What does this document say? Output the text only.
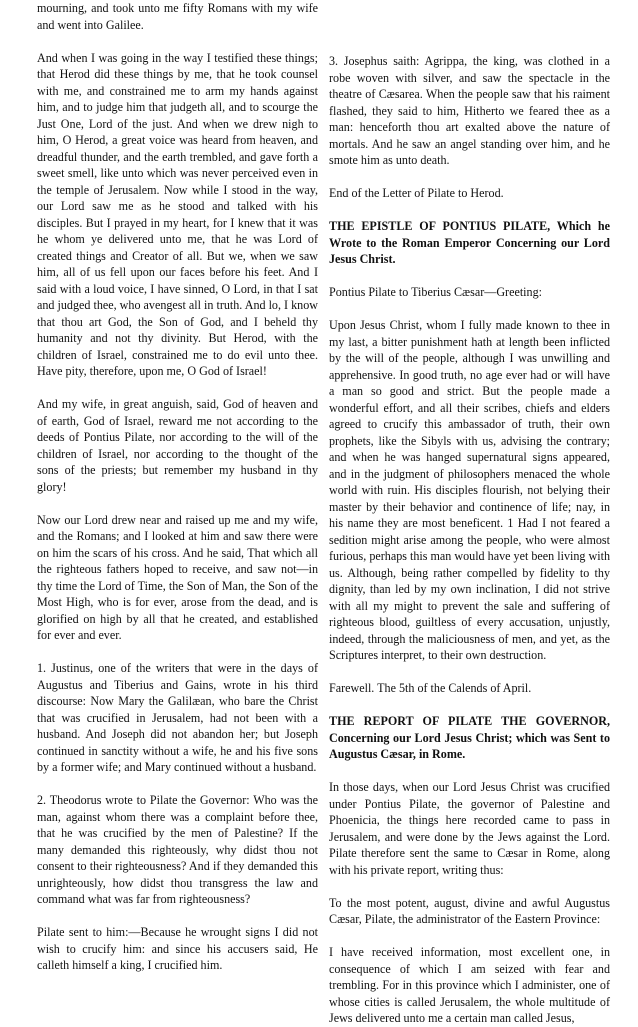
mourning, and took unto me fifty Romans with my wife and went into Galilee.

And when I was going in the way I testified these things; that Herod did these things by me, that he took counsel with me, and constrained me to arm my hands against him, and to judge him that judgeth all, and to scourge the Just One, Lord of the just. And when we drew nigh to him, O Herod, a great voice was heard from heaven, and dreadful thunder, and the earth trembled, and gave forth a sweet smell, like unto which was never perceived even in the temple of Jerusalem. Now while I stood in the way, our Lord saw me as he stood and talked with his disciples. But I prayed in my heart, for I knew that it was he whom ye delivered unto me, that he was Lord of created things and Creator of all. But we, when we saw him, all of us fell upon our faces before his feet. And I said with a loud voice, I have sinned, O Lord, in that I sat and judged thee, who avengest all in truth. And lo, I know that thou art God, the Son of God, and I beheld thy humanity and not thy divinity. But Herod, with the children of Israel, constrained me to do evil unto thee. Have pity, therefore, upon me, O God of Israel!

And my wife, in great anguish, said, God of heaven and of earth, God of Israel, reward me not according to the deeds of Pontius Pilate, nor according to the will of the children of Israel, nor according to the thought of the sons of the priests; but remember my husband in thy glory!

Now our Lord drew near and raised up me and my wife, and the Romans; and I looked at him and saw there were on him the scars of his cross. And he said, That which all the righteous fathers hoped to receive, and saw not—in thy time the Lord of Time, the Son of Man, the Son of the Most High, who is for ever, arose from the dead, and is glorified on high by all that he created, and established for ever and ever.

1. Justinus, one of the writers that were in the days of Augustus and Tiberius and Gains, wrote in his third discourse: Now Mary the Galilæan, who bare the Christ that was crucified in Jerusalem, had not been with a husband. And Joseph did not abandon her; but Joseph continued in sanctity without a wife, he and his five sons by a former wife; and Mary continued without a husband.

2. Theodorus wrote to Pilate the Governor: Who was the man, against whom there was a complaint before thee, that he was crucified by the men of Palestine? If the many demanded this righteously, why didst thou not consent to their righteousness? And if they demanded this unrighteously, how didst thou transgress the law and command what was far from righteousness?

Pilate sent to him:—Because he wrought signs I did not wish to crucify him: and since his accusers said, He calleth himself a king, I crucified him.

3. Josephus saith: Agrippa, the king, was clothed in a robe woven with silver, and saw the spectacle in the theatre of Cæsarea. When the people saw that his raiment flashed, they said to him, Hitherto we feared thee as a man: henceforth thou art exalted above the nature of mortals. And he saw an angel standing over him, and he smote him as unto death.

End of the Letter of Pilate to Herod.

THE EPISTLE OF PONTIUS PILATE, Which he Wrote to the Roman Emperor Concerning our Lord Jesus Christ.

Pontius Pilate to Tiberius Cæsar—Greeting:

Upon Jesus Christ, whom I fully made known to thee in my last, a bitter punishment hath at length been inflicted by the will of the people, although I was unwilling and apprehensive. In good truth, no age ever had or will have a man so good and strict. But the people made a wonderful effort, and all their scribes, chiefs and elders agreed to crucify this ambassador of truth, their own prophets, like the Sibyls with us, advising the contrary; and when he was hanged supernatural signs appeared, and in the judgment of philosophers menaced the whole world with ruin. His disciples flourish, not belying their master by their behavior and continence of life; nay, in his name they are most beneficent. 1 Had I not feared a sedition might arise among the people, who were almost furious, perhaps this man would have yet been living with us. Although, being rather compelled by fidelity to thy dignity, than led by my own inclination, I did not strive with all my might to prevent the sale and suffering of righteous blood, guiltless of every accusation, unjustly, indeed, through the maliciousness of men, and yet, as the Scriptures interpret, to their own destruction.

Farewell. The 5th of the Calends of April.

THE REPORT OF PILATE THE GOVERNOR, Concerning our Lord Jesus Christ; which was Sent to Augustus Cæsar, in Rome.

In those days, when our Lord Jesus Christ was crucified under Pontius Pilate, the governor of Palestine and Phoenicia, the things here recorded came to pass in Jerusalem, and were done by the Jews against the Lord. Pilate therefore sent the same to Cæsar in Rome, along with his private report, writing thus:

To the most potent, august, divine and awful Augustus Cæsar, Pilate, the administrator of the Eastern Province:

I have received information, most excellent one, in consequence of which I am seized with fear and trembling. For in this province which I administer, one of whose cities is called Jerusalem, the whole multitude of Jews delivered unto me a certain man called Jesus,
